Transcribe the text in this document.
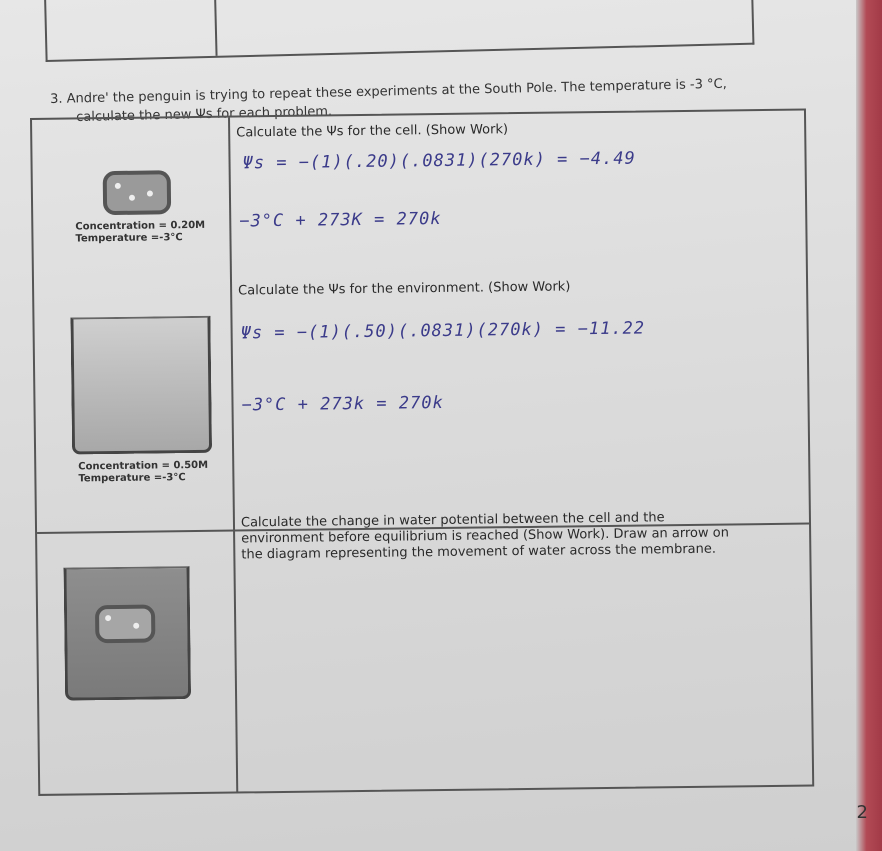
3. Andre' the penguin is trying to repeat these experiments at the South Pole. The temperature is -3 °C,
calculate the new Ψs for each problem.
Calculate the Ψs for the cell. (Show Work)
Ψs = −(1)(.20)(.0831)(270k) = −4.49
−3°C + 273K = 270k
Concentration = 0.20M
Temperature =-3°C
Calculate the Ψs for the environment. (Show Work)
Ψs = −(1)(.50)(.0831)(270k) = −11.22
−3°C + 273k = 270k
Concentration = 0.50M
Temperature =-3°C
Calculate the change in water potential between the cell and the
environment before equilibrium is reached (Show Work). Draw an arrow on
the diagram representing the movement of water across the membrane.
2
